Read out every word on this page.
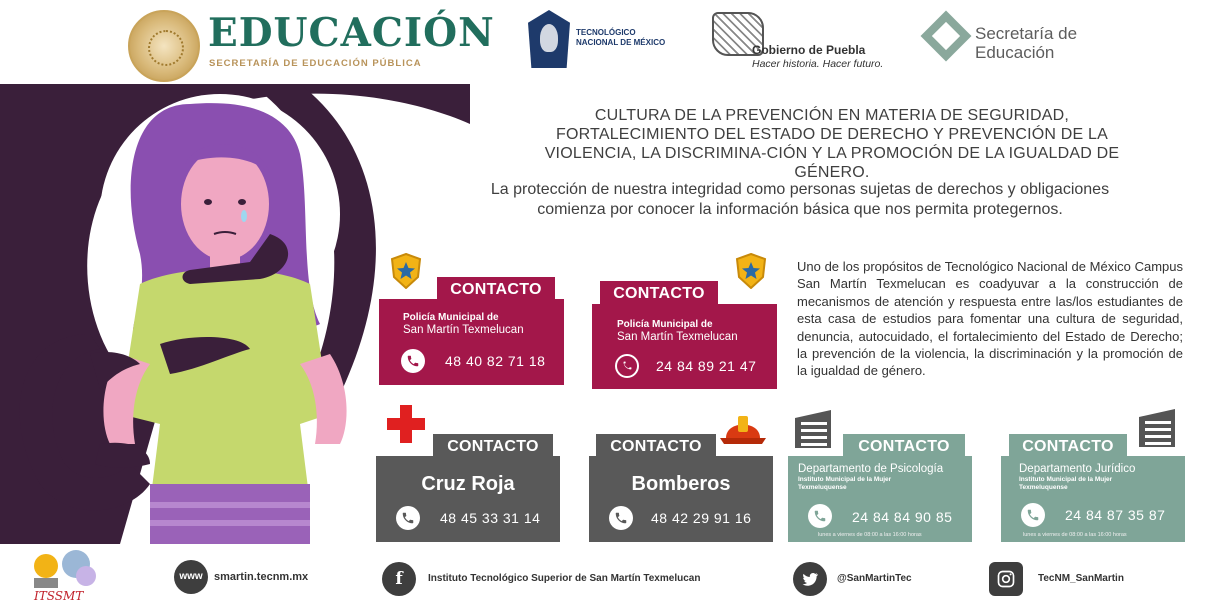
EDUCACIÓN
SECRETARÍA DE EDUCACIÓN PÚBLICA
TECNOLÓGICO NACIONAL DE MÉXICO
Gobierno de Puebla
Hacer historia. Hacer futuro.
Secretaría de Educación
CULTURA DE LA PREVENCIÓN EN MATERIA DE SEGURIDAD, FORTALECIMIENTO DEL ESTADO DE DERECHO Y PREVENCIÓN DE LA VIOLENCIA, LA DISCRIMINA-CIÓN Y LA PROMOCIÓN DE LA IGUALDAD DE GÉNERO.
La protección de nuestra integridad como personas sujetas de derechos y obligaciones comienza por conocer la información básica que nos permita protegernos.
Uno de los propósitos de Tecnológico Nacional de México Campus San Martín Texmelucan es coadyuvar a la construcción de mecanismos de atención y respuesta entre las/los estudiantes de esta casa de estudios para fomentar una cultura de seguridad, denuncia, autocuidado, el fortalecimiento del Estado de Derecho; la prevención de la violencia, la discriminación y la promoción de la igualdad de género.
CONTACTO
Policía Municipal de
San Martín Texmelucan
48 40 82 71 18
CONTACTO
Policía Municipal de
San Martín Texmelucan
24 84 89 21 47
CONTACTO
Cruz Roja
48 45 33 31 14
CONTACTO
Bomberos
48 42 29 91 16
CONTACTO
Departamento de Psicología

Instituto Municipal de la Mujer Texmeluquense
24 84 84 90 85
lunes a viernes de 08:00 a las 16:00 horas
CONTACTO
Departamento Jurídico

Instituto Municipal de la Mujer Texmeluquense
24 84 87 35 87
lunes a viernes de 08:00 a las 16:00 horas
ITSSMT
www	smartin.tecnm.mx	f	Instituto Tecnológico Superior de San Martín Texmelucan	@SanMartinTec	TecNM_SanMartin
